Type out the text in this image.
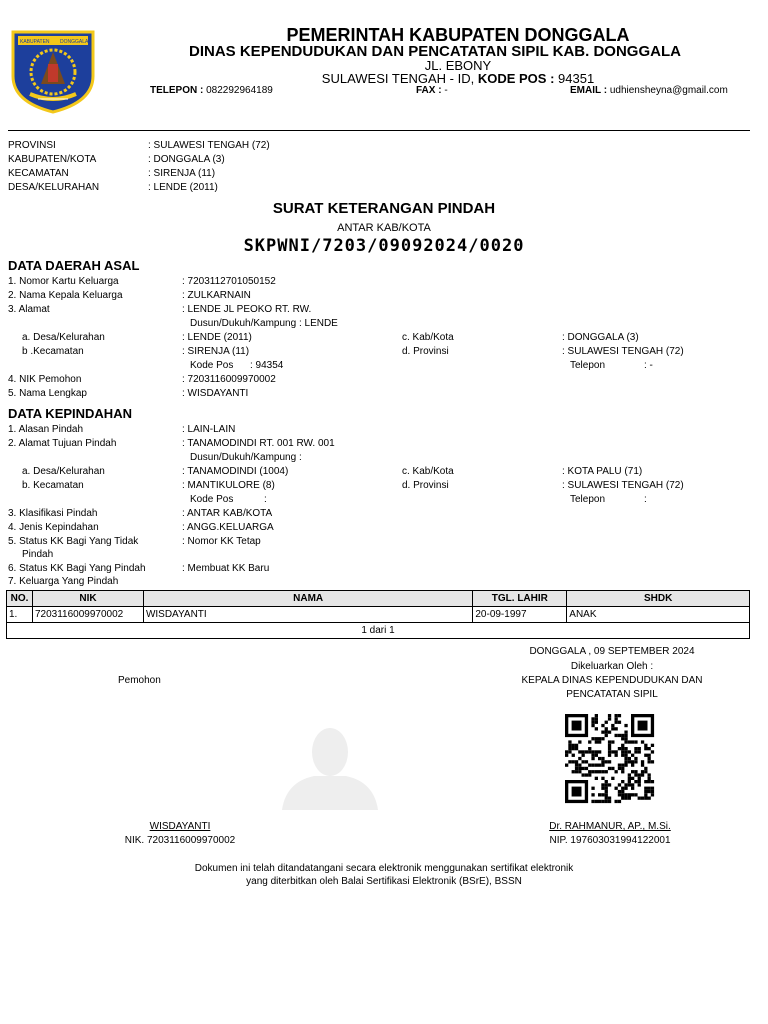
KABUPATEN DONGGALA	PEMERINTAH KABUPATEN DONGGALA
DINAS KEPENDUDUKAN DAN PENCATATAN SIPIL KAB. DONGGALA
JL. EBONY
SULAWESI TENGAH - ID, KODE POS : 94351
TELEPON : 082292964189	FAX : -	EMAIL : udhiensheyna@gmail.com
PROVINSI	: SULAWESI TENGAH (72)
KABUPATEN/KOTA	: DONGGALA (3)
KECAMATAN	: SIRENJA (11)
DESA/KELURAHAN	: LENDE (2011)
SURAT KETERANGAN PINDAH
ANTAR KAB/KOTA
SKPWNI/7203/09092024/0020
DATA DAERAH ASAL
1. Nomor Kartu Keluarga	: 7203112701050152
2. Nama Kepala Keluarga	: ZULKARNAIN
3. Alamat	: LENDE JL PEOKO RT. RW.
Dusun/Dukuh/Kampung : LENDE
a. Desa/Kelurahan	: LENDE (2011)	c. Kab/Kota	: DONGGALA (3)
b .Kecamatan	: SIRENJA (11)	d. Provinsi	: SULAWESI TENGAH (72)
Kode Pos : 94354	Telepon	: -
4. NIK Pemohon	: 7203116009970002
5. Nama Lengkap	: WISDAYANTI
DATA KEPINDAHAN
1. Alasan Pindah	: LAIN-LAIN
2. Alamat Tujuan Pindah	: TANAMODINDI RT. 001 RW. 001
Dusun/Dukuh/Kampung :
a. Desa/Kelurahan	: TANAMODINDI (1004)	c. Kab/Kota	: KOTA PALU (71)
b. Kecamatan	: MANTIKULORE (8)	d. Provinsi	: SULAWESI TENGAH (72)
Kode Pos	:	Telepon	:
3. Klasifikasi Pindah	: ANTAR KAB/KOTA
4. Jenis Kepindahan	: ANGG.KELUARGA
5. Status KK Bagi Yang Tidak
Pindah
: Nomor KK Tetap
6. Status KK Bagi Yang Pindah	: Membuat KK Baru
7. Keluarga Yang Pindah
NO.	NIK	NAMA	TGL. LAHIR	SHDK
1.	7203116009970002	WISDAYANTI	20-09-1997	ANAK
1 dari 1				
DONGGALA , 09 SEPTEMBER 2024
Dikeluarkan Oleh :
KEPALA DINAS KEPENDUDUKAN DAN
PENCATATAN SIPIL
Pemohon
WISDAYANTI
NIK. 7203116009970002
Dr. RAHMANUR, AP., M.Si.
NIP. 197603031994122001
Dokumen ini telah ditandatangani secara elektronik menggunakan sertifikat elektronik
yang diterbitkan oleh Balai Sertifikasi Elektronik (BSrE), BSSN
